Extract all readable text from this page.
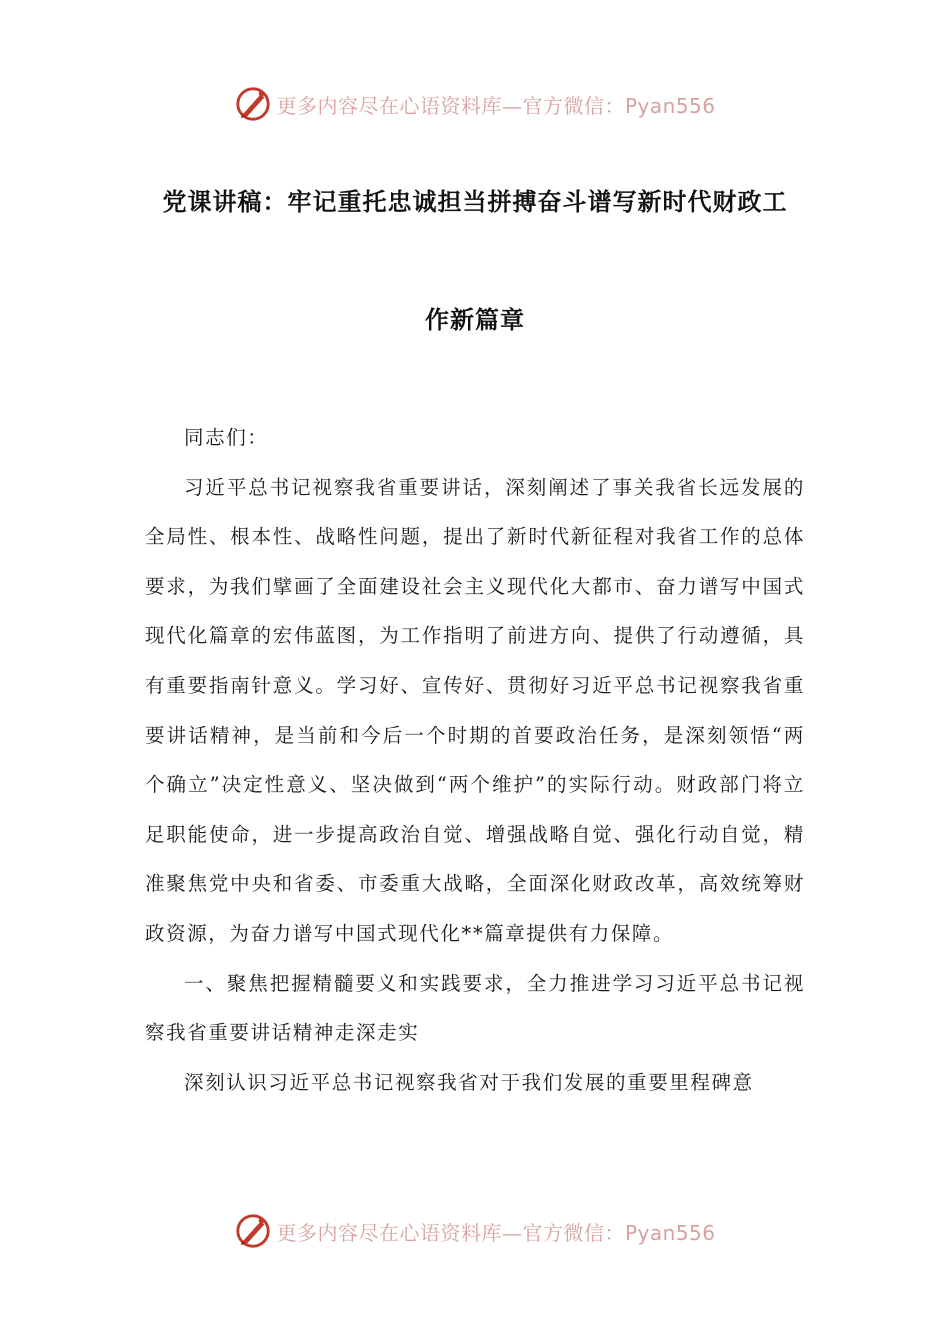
更多内容尽在心语资料库—官方微信：Pyan556
党课讲稿：牢记重托忠诚担当拼搏奋斗谱写新时代财政工
作新篇章

同志们：

习近平总书记视察我省重要讲话，深刻阐述了事关我省长远发展的全局性、根本性、战略性问题，提出了新时代新征程对我省工作的总体要求，为我们擘画了全面建设社会主义现代化大都市、奋力谱写中国式现代化篇章的宏伟蓝图，为工作指明了前进方向、提供了行动遵循，具有重要指南针意义。学习好、宣传好、贯彻好习近平总书记视察我省重要讲话精神，是当前和今后一个时期的首要政治任务，是深刻领悟“两个确立”决定性意义、坚决做到“两个维护”的实际行动。财政部门将立足职能使命，进一步提高政治自觉、增强战略自觉、强化行动自觉，精准聚焦党中央和省委、市委重大战略，全面深化财政改革，高效统筹财政资源，为奋力谱写中国式现代化**篇章提供有力保障。

一、聚焦把握精髓要义和实践要求，全力推进学习习近平总书记视察我省重要讲话精神走深走实

深刻认识习近平总书记视察我省对于我们发展的重要里程碑意

更多内容尽在心语资料库—官方微信：Pyan556
